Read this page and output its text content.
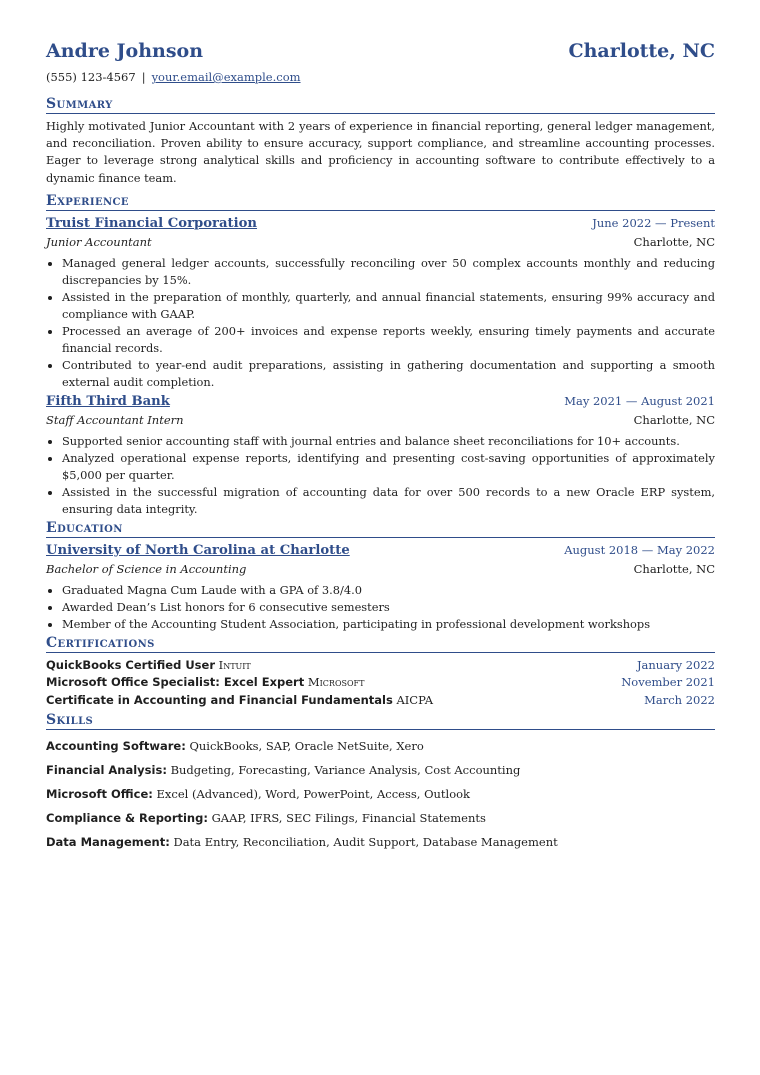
Andre Johnson	Charlotte, NC
(555) 123-4567 | your.email@example.com
Summary
Highly motivated Junior Accountant with 2 years of experience in financial reporting, general ledger management, and reconciliation. Proven ability to ensure accuracy, support compliance, and streamline accounting processes. Eager to leverage strong analytical skills and proficiency in accounting software to contribute effectively to a dynamic finance team.
Experience
Truist Financial Corporation	June 2022 — Present
Junior Accountant	Charlotte, NC
• Managed general ledger accounts, successfully reconciling over 50 complex accounts monthly and reducing discrepancies by 15%.
• Assisted in the preparation of monthly, quarterly, and annual financial statements, ensuring 99% accuracy and compliance with GAAP.
• Processed an average of 200+ invoices and expense reports weekly, ensuring timely payments and accurate financial records.
• Contributed to year-end audit preparations, assisting in gathering documentation and supporting a smooth external audit completion.
Fifth Third Bank	May 2021 — August 2021
Staff Accountant Intern	Charlotte, NC
• Supported senior accounting staff with journal entries and balance sheet reconciliations for 10+ accounts.
• Analyzed operational expense reports, identifying and presenting cost-saving opportunities of approximately $5,000 per quarter.
• Assisted in the successful migration of accounting data for over 500 records to a new Oracle ERP system, ensuring data integrity.
Education
University of North Carolina at Charlotte	August 2018 — May 2022
Bachelor of Science in Accounting	Charlotte, NC
• Graduated Magna Cum Laude with a GPA of 3.8/4.0
• Awarded Dean’s List honors for 6 consecutive semesters
• Member of the Accounting Student Association, participating in professional development workshops
Certifications
QuickBooks Certified User Intuit	January 2022
Microsoft Office Specialist: Excel Expert Microsoft	November 2021
Certificate in Accounting and Financial Fundamentals AICPA	March 2022
Skills
Accounting Software: QuickBooks, SAP, Oracle NetSuite, Xero
Financial Analysis: Budgeting, Forecasting, Variance Analysis, Cost Accounting
Microsoft Office: Excel (Advanced), Word, PowerPoint, Access, Outlook
Compliance & Reporting: GAAP, IFRS, SEC Filings, Financial Statements
Data Management: Data Entry, Reconciliation, Audit Support, Database Management
